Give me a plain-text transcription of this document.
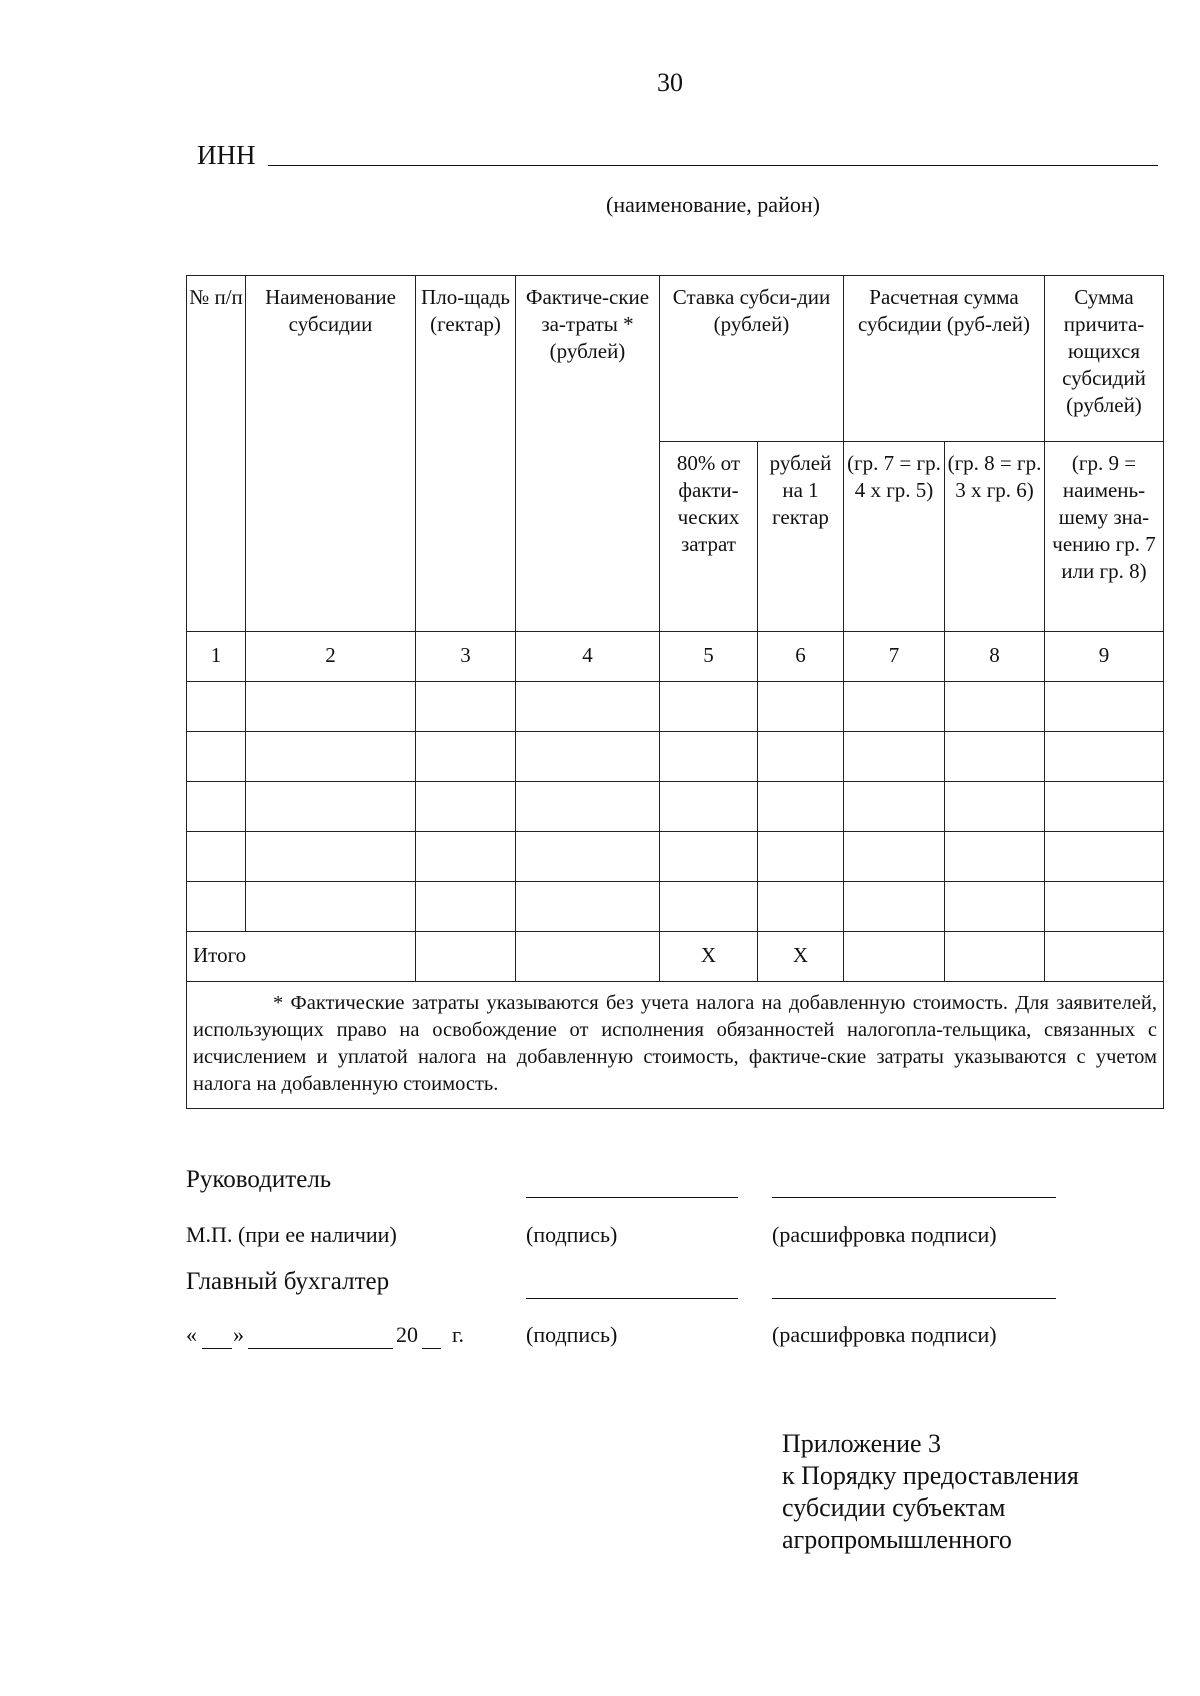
30
ИНН
(наименование, район)
№ п/п	Наименование субсидии	Пло-щадь (гектар)	Фактиче-ские за-траты * (рублей)	Ставка субси-дии (рублей)		Расчетная сумма субсидии (руб-лей)		Сумма причита-ющихся субсидий (рублей)
				80% от факти-ческих затрат	рублей на 1 гектар	(гр. 7 = гр. 4 х гр. 5)	(гр. 8 = гр. 3 х гр. 6)	(гр. 9 = наимень-шему зна-чению гр. 7 или гр. 8)
1	2	3	4	5	6	7	8	9

Итого				Х	Х			

* Фактические затраты указываются без учета налога на добавленную стоимость. Для заявителей, использующих право на освобождение от исполнения обязанностей налогопла-тельщика, связанных с исчислением и уплатой налога на добавленную стоимость, фактиче-ские затраты указываются с учетом налога на добавленную стоимость.								
Руководитель
М.П. (при ее наличии)	(подпись)	(расшифровка подписи)
Главный бухгалтер
« »	20 г.	(подпись)	(расшифровка подписи)
Приложение 3
к Порядку предоставления
субсидии субъектам
агропромышленного
